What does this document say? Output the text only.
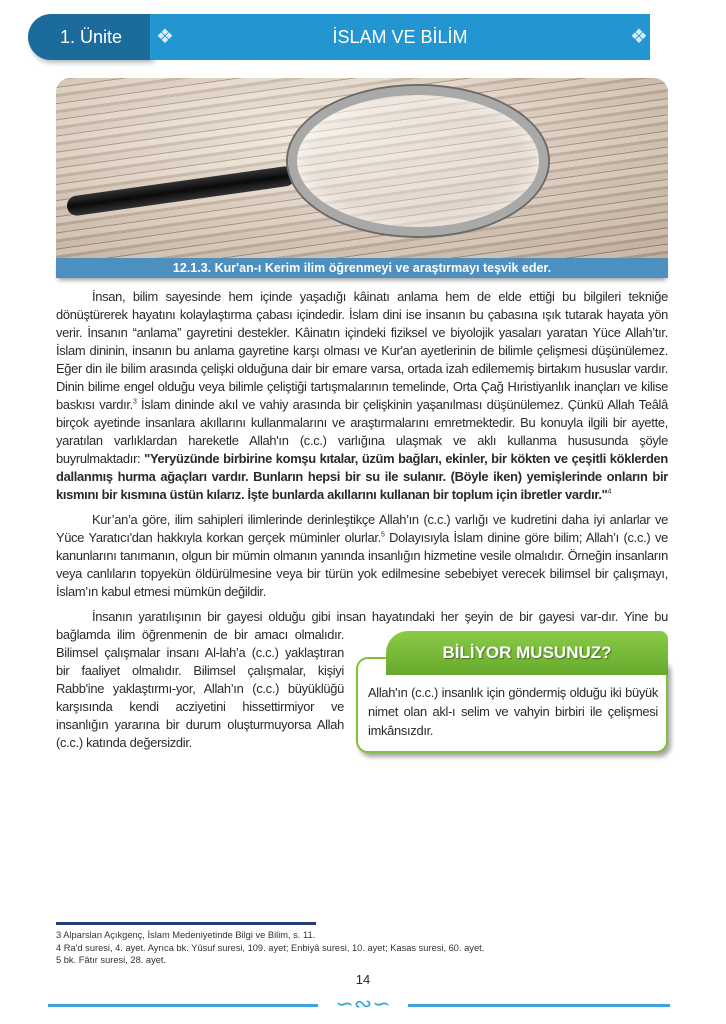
1. Ünite	❖	İSLAM VE BİLİM	❖
12.1.3. Kur'an-ı Kerim ilim öğrenmeyi ve araştırmayı teşvik eder.

İnsan, bilim sayesinde hem içinde yaşadığı kâinatı anlama hem de elde ettiği bu bilgileri tekniğe dönüştürerek hayatını kolaylaştırma çabası içindedir. İslam dini ise insanın bu çabasına ışık tutarak hayata yön verir. İnsanın “anlama” gayretini destekler. Kâinatın içindeki fiziksel ve biyolojik yasaları yaratan Yüce Allah’tır. İslam dininin, insanın bu anlama gayretine karşı olması ve Kur'an ayetlerinin de bilimle çelişmesi düşünülemez. Eğer din ile bilim arasında çelişki olduğuna dair bir emare varsa, ortada izah edilememiş birtakım hususlar vardır. Dinin bilime engel olduğu veya bilimle çeliştiği tartışmalarının temelinde, Orta Çağ Hıristiyanlık inançları ve kilise baskısı vardır.$^3$ İslam dininde akıl ve vahiy arasında bir çelişkinin yaşanılması düşünülemez. Çünkü Allah Teâlâ birçok ayetinde insanlara akıllarını kullanmalarını ve araştırmalarını emretmektedir. Bu konuyla ilgili bir ayette, yaratılan varlıklardan hareketle Allah'ın (c.c.) varlığına ulaşmak ve aklı kullanma hususunda şöyle buyrulmaktadır: "Yeryüzünde birbirine komşu kıtalar, üzüm bağları, ekinler, bir kökten ve çeşitli köklerden dallanmış hurma ağaçları vardır. Bunların hepsi bir su ile sulanır. (Böyle iken) yemişlerinde onların bir kısmını bir kısmına üstün kılarız. İşte bunlarda akıllarını kullanan bir toplum için ibretler vardır."$^4$

Kur’an’a göre, ilim sahipleri ilimlerinde derinleştikçe Allah’ın (c.c.) varlığı ve kudretini daha iyi anlarlar ve Yüce Yaratıcı'dan hakkıyla korkan gerçek müminler olurlar.$^5$ Dolayısıyla İslam dinine göre bilim; Allah’ı (c.c.) ve kanunlarını tanımanın, olgun bir mümin olmanın yanında insanlığın hizmetine vesile olmalıdır. Örneğin insanların veya canlıların topyekün öldürülmesine veya bir türün yok edilmesine sebebiyet verecek bilimsel bir çalışmayı, İslam’ın kabul etmesi mümkün değildir.

BİLİYOR MUSUNUZ?
Allah'ın (c.c.) insanlık için göndermiş olduğu iki büyük nimet olan akl-ı selim ve vahyin birbiri ile çelişmesi imkânsızdır.
İnsanın yaratılışının bir gayesi olduğu gibi insan hayatındaki her şeyin de bir gayesi var-dır. Yine bu bağlamda ilim öğrenmenin de bir amacı olmalıdır. Bilimsel çalışmalar insanı Al-lah’a (c.c.) yaklaştıran bir faaliyet olmalıdır. Bilimsel çalışmalar, kişiyi Rabb'ine yaklaştırmı-yor, Allah’ın (c.c.) büyüklüğü karşısında kendi acziyetini hissettirmiyor ve insanlığın yararına bir durum oluşturmuyorsa Allah (c.c.) katında değersizdir.

3 Alparslan Açıkgenç, İslam Medeniyetinde Bilgi ve Bilim, s. 11.
4 Ra'd suresi, 4. ayet. Ayrıca bk. Yûsuf suresi, 109. ayet; Enbiyâ suresi, 10. ayet; Kasas suresi, 60. ayet.
5 bk. Fâtır suresi, 28. ayet.
∽∾∽
14
